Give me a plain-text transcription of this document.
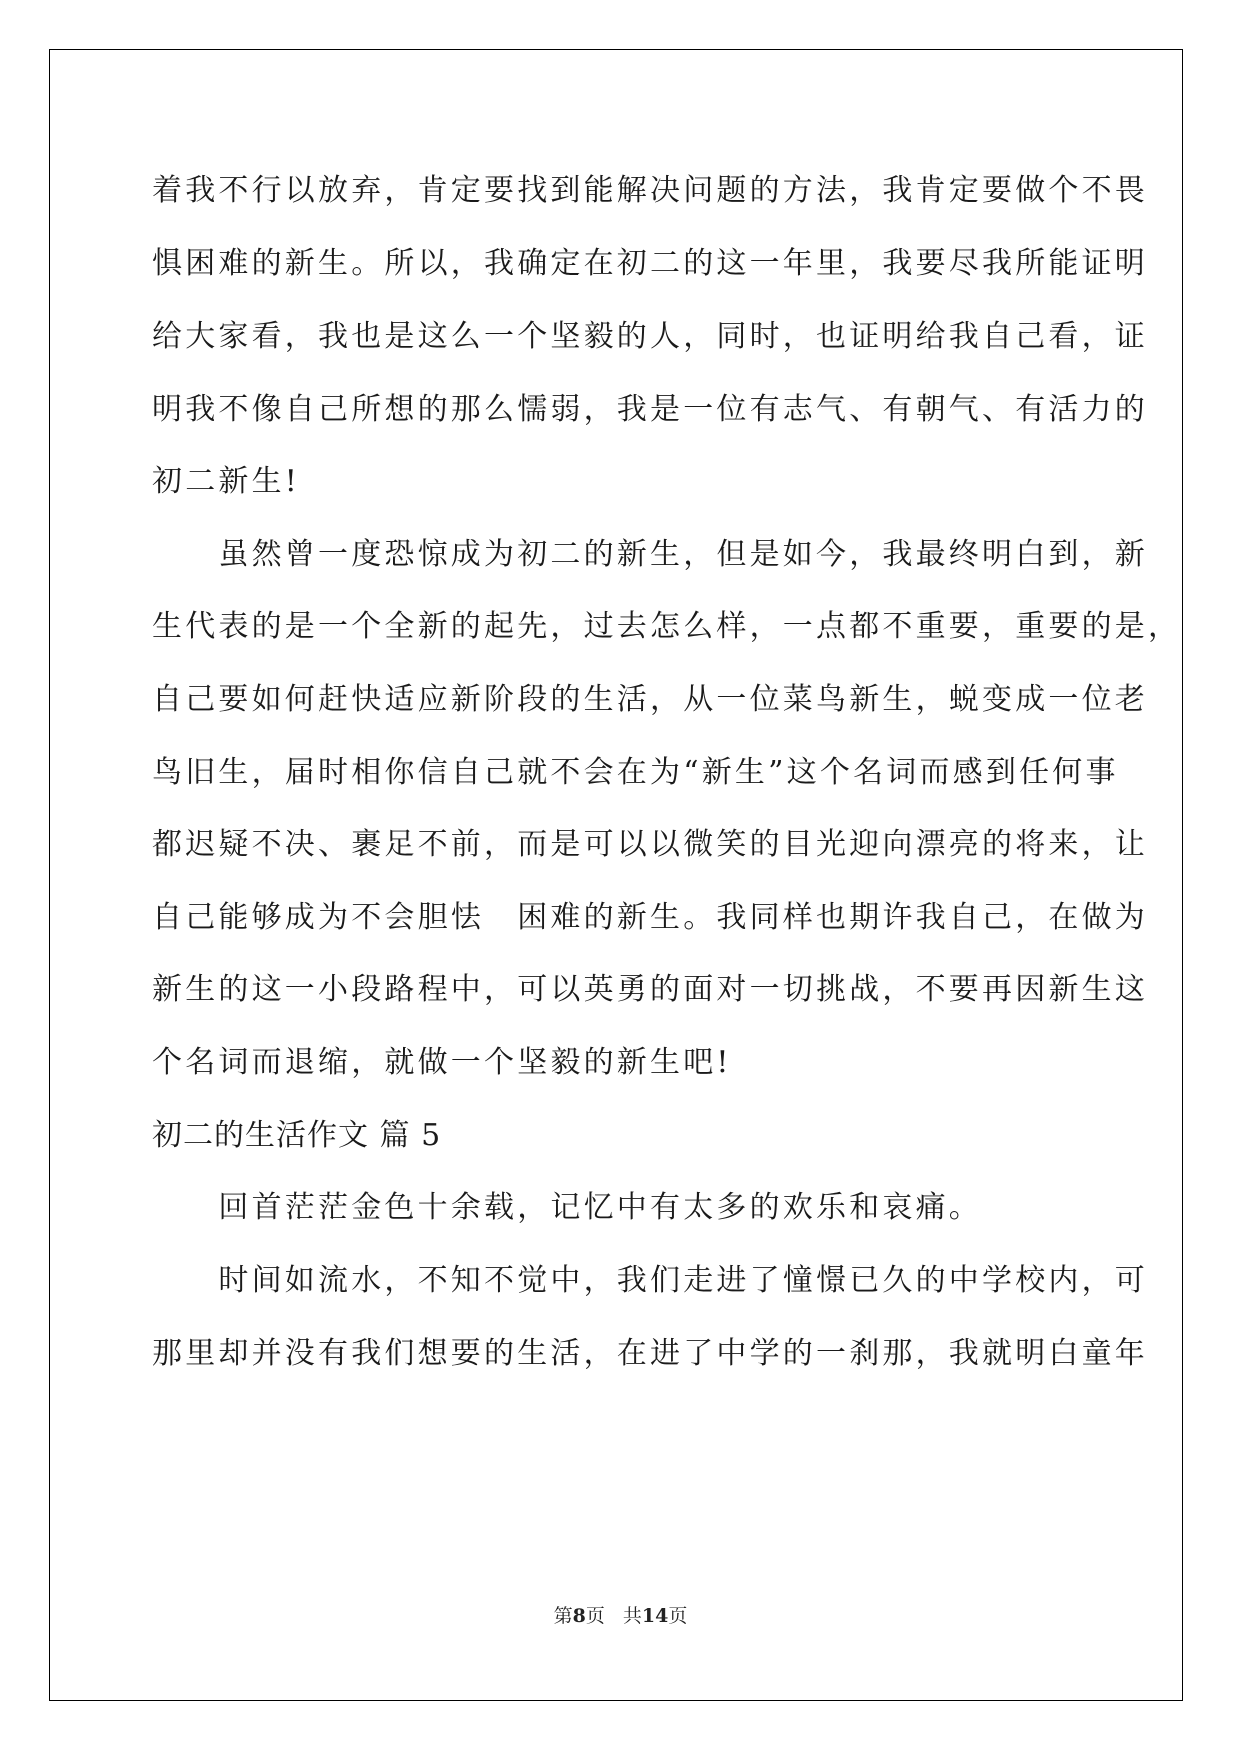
着我不行以放弃，肯定要找到能解决问题的方法，我肯定要做个不畏
惧困难的新生。所以，我确定在初二的这一年里，我要尽我所能证明
给大家看，我也是这么一个坚毅的人，同时，也证明给我自己看，证
明我不像自己所想的那么懦弱，我是一位有志气、有朝气、有活力的
初二新生!
　　虽然曾一度恐惊成为初二的新生，但是如今，我最终明白到，新
生代表的是一个全新的起先，过去怎么样，一点都不重要，重要的是，
自己要如何赶快适应新阶段的生活，从一位菜鸟新生，蜕变成一位老
鸟旧生，届时相你信自己就不会在为“新生”这个名词而感到任何事
都迟疑不决、裹足不前，而是可以以微笑的目光迎向漂亮的将来，让
自己能够成为不会胆怯　困难的新生。我同样也期许我自己，在做为
新生的这一小段路程中，可以英勇的面对一切挑战，不要再因新生这
个名词而退缩，就做一个坚毅的新生吧!
初二的生活作文 篇 5
　　回首茫茫金色十余载，记忆中有太多的欢乐和哀痛。
　　时间如流水，不知不觉中，我们走进了憧憬已久的中学校内，可
那里却并没有我们想要的生活，在进了中学的一刹那，我就明白童年
第8页 共14页
